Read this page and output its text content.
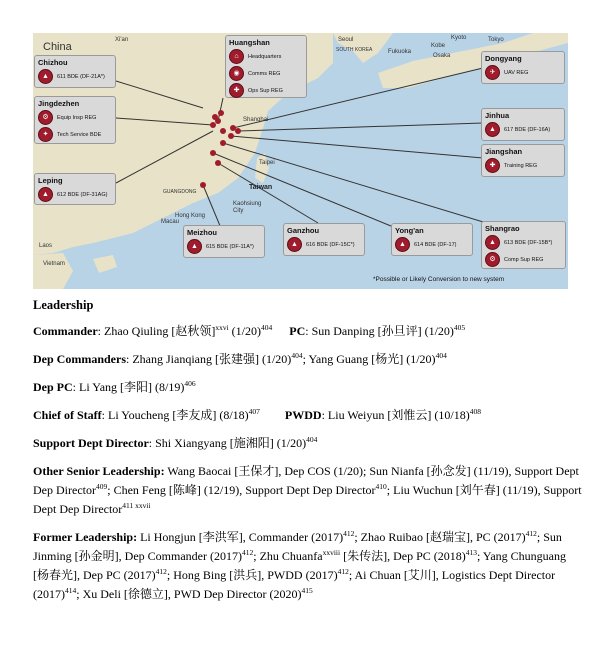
China
Xi'an	Seoul
SOUTH KOREA	Fukuoka
Kobe
Osaka
Tokyo
Kyoto
Shanghai
Taipei
Taiwan
Kaohsiung City
Hong Kong
Macau
GUANGDONG
Vietnam
Laos
Chizhou
▲	611 BDE (DF-21A*)
Jingdezhen
⚙	Equip Insp REG
✦	Tech Service BDE
Leping
▲	612 BDE (DF-31AG)
Huangshan
⌂	Headquarters
◉	Comms REG
✚	Ops Sup REG
Dongyang
✈	UAV REG
Jinhua
▲	617 BDE (DF-16A)
Jiangshan
✚	Training REG
Meizhou
▲	615 BDE (DF-11A*)
Ganzhou
▲	616 BDE (DF-15C*)
Yong'an
▲	614 BDE (DF-17)
Shangrao
▲	613 BDE (DF-15B*)
⚙	Comp Sup REG
*Possible or Likely Conversion to new system

Leadership

Commander: Zhao Qiuling [赵秋领]$^{xxvi}$ $(1/20)^{404}$ PC: Sun Danping [孙旦评] $(1/20)^{405}$

Dep Commanders: Zhang Jianqiang [张建强] $(1/20)^{404}$; Yang Guang [杨光] $(1/20)^{404}$

Dep PC: Li Yang [李阳] $(8/19)^{406}$

Chief of Staff: Li Youcheng [李友成] $(8/18)^{407}$ PWDD: Liu Weiyun [刘惟云] $(10/18)^{408}$

Support Dept Director: Shi Xiangyang [施湘阳] $(1/20)^{404}$

Other Senior Leadership: Wang Baocai [王保才], Dep COS (1/20); Sun Nianfa [孙念发] (11/19), Support Dept Dep Director$^{409}$; Chen Feng [陈峰] (12/19), Support Dept Dep Director$^{410}$; Liu Wuchun [刘午春] (11/19), Support Dept Dep Director$^{411 xxvii}$

Former Leadership: Li Hongjun [李洪军], Commander $(2017)^{412}$; Zhao Ruibao [赵瑞宝], PC $(2017)^{412}$; Sun Jinming [孙金明], Dep Commander $(2017)^{412}$; Zhu Chuanfa$^{xxviii}$ [朱传法], Dep PC $(2018)^{413}$; Yang Chunguang [杨春光], Dep PC $(2017)^{412}$; Hong Bing [洪兵], PWDD $(2017)^{412}$; Ai Chuan [艾川], Logistics Dept Director $(2017)^{414}$; Xu Deli [徐德立], PWD Dep Director $(2020)^{415}$
